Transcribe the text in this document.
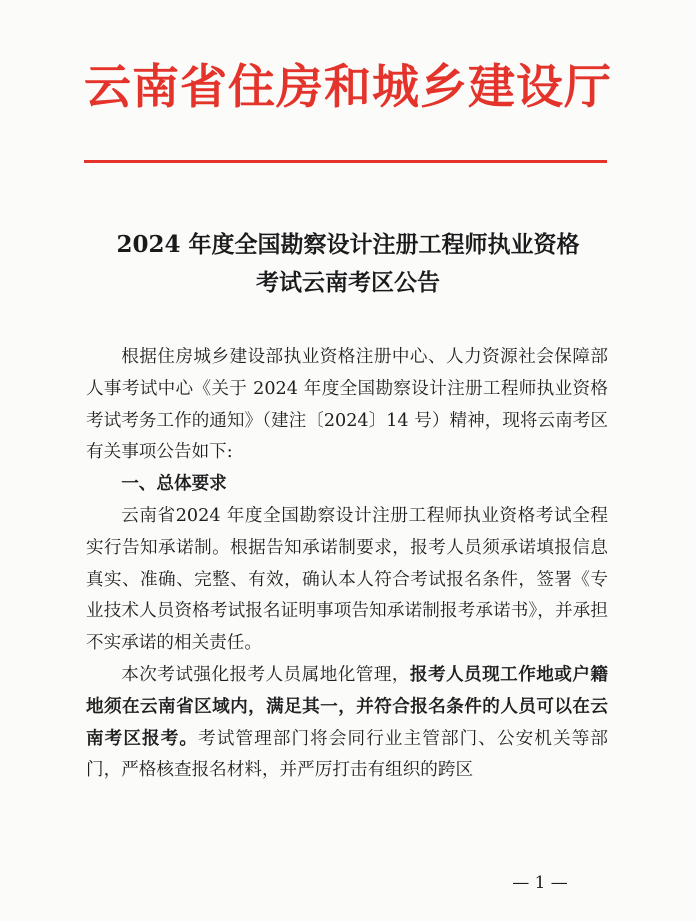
云南省住房和城乡建设厅
2024 年度全国勘察设计注册工程师执业资格
考试云南考区公告

根据住房城乡建设部执业资格注册中心、人力资源社会保障部人事考试中心《关于 2024 年度全国勘察设计注册工程师执业资格考试考务工作的通知》（建注〔2024〕14 号）精神，现将云南考区有关事项公告如下:

一、总体要求

云南省2024 年度全国勘察设计注册工程师执业资格考试全程实行告知承诺制。根据告知承诺制要求，报考人员须承诺填报信息真实、准确、完整、有效，确认本人符合考试报名条件，签署《专业技术人员资格考试报名证明事项告知承诺制报考承诺书》，并承担不实承诺的相关责任。

本次考试强化报考人员属地化管理，报考人员现工作地或户籍地须在云南省区域内，满足其一，并符合报名条件的人员可以在云南考区报考。考试管理部门将会同行业主管部门、公安机关等部门，严格核查报名材料，并严厉打击有组织的跨区

— 1 —
